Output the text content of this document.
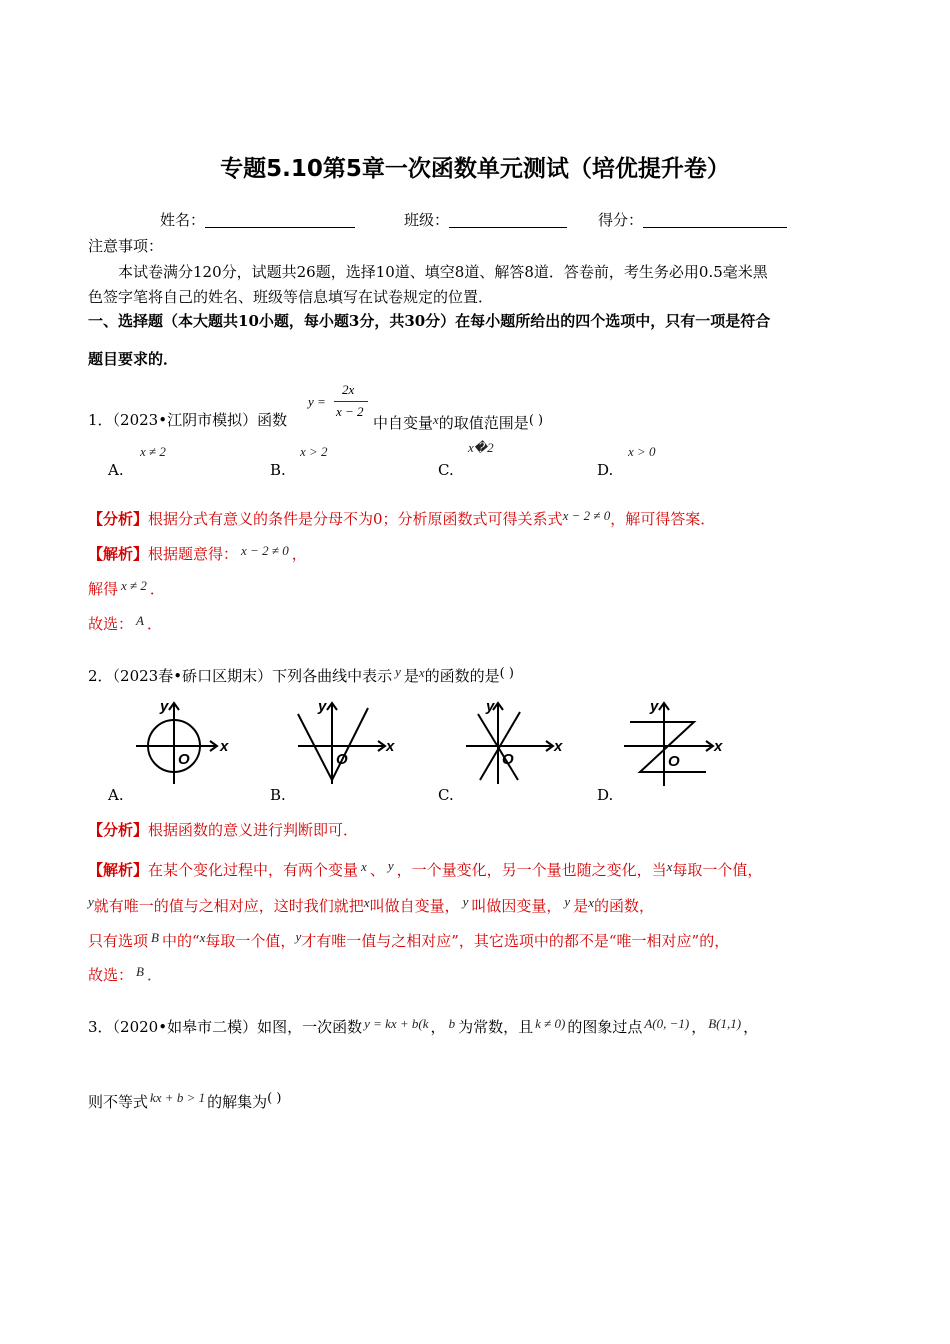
专题5.10第5章一次函数单元测试（培优提升卷）
姓名：	班级：	得分：
注意事项：
本试卷满分120分，试题共26题，选择10道、填空8道、解答8道．答卷前，考生务必用0.5毫米黑
色签字笔将自己的姓名、班级等信息填写在试卷规定的位置．
一、选择题（本大题共10小题，每小题3分，共30分）在每小题所给出的四个选项中，只有一项是符合
题目要求的．
1．（2023•江阴市模拟）函数
y =
2x
x − 2
中自变量x的取值范围是( )
A.
x ≠ 2
B.
x > 2
C.
x�2
D.
x > 0
【分析】根据分式有意义的条件是分母不为0；分析原函数式可得关系式x − 2 ≠ 0，解可得答案．
【解析】根据题意得： x − 2 ≠ 0 ，
解得 x ≠ 2 ．
故选： A ．
2．（2023春•硚口区期末）下列各曲线中表示 y 是x的函数的是( )
y
x
O
y
x
O
y
x
O
y
x
O
A.	B.	C.	D.
【分析】根据函数的意义进行判断即可．
【解析】在某个变化过程中，有两个变量 x 、 y ，一个量变化，另一个量也随之变化，当x每取一个值，
y就有唯一的值与之相对应，这时我们就把x叫做自变量， y 叫做因变量， y 是x的函数，
只有选项 B 中的“x每取一个值，y才有唯一值与之相对应”，其它选项中的都不是“唯一相对应”的，
故选： B ．
3．（2020•如皋市二模）如图，一次函数 y = kx + b(k ， b 为常数，且 k ≠ 0) 的图象过点 A(0, −1) ， B(1,1) ，
则不等式 kx + b > 1 的解集为( )
